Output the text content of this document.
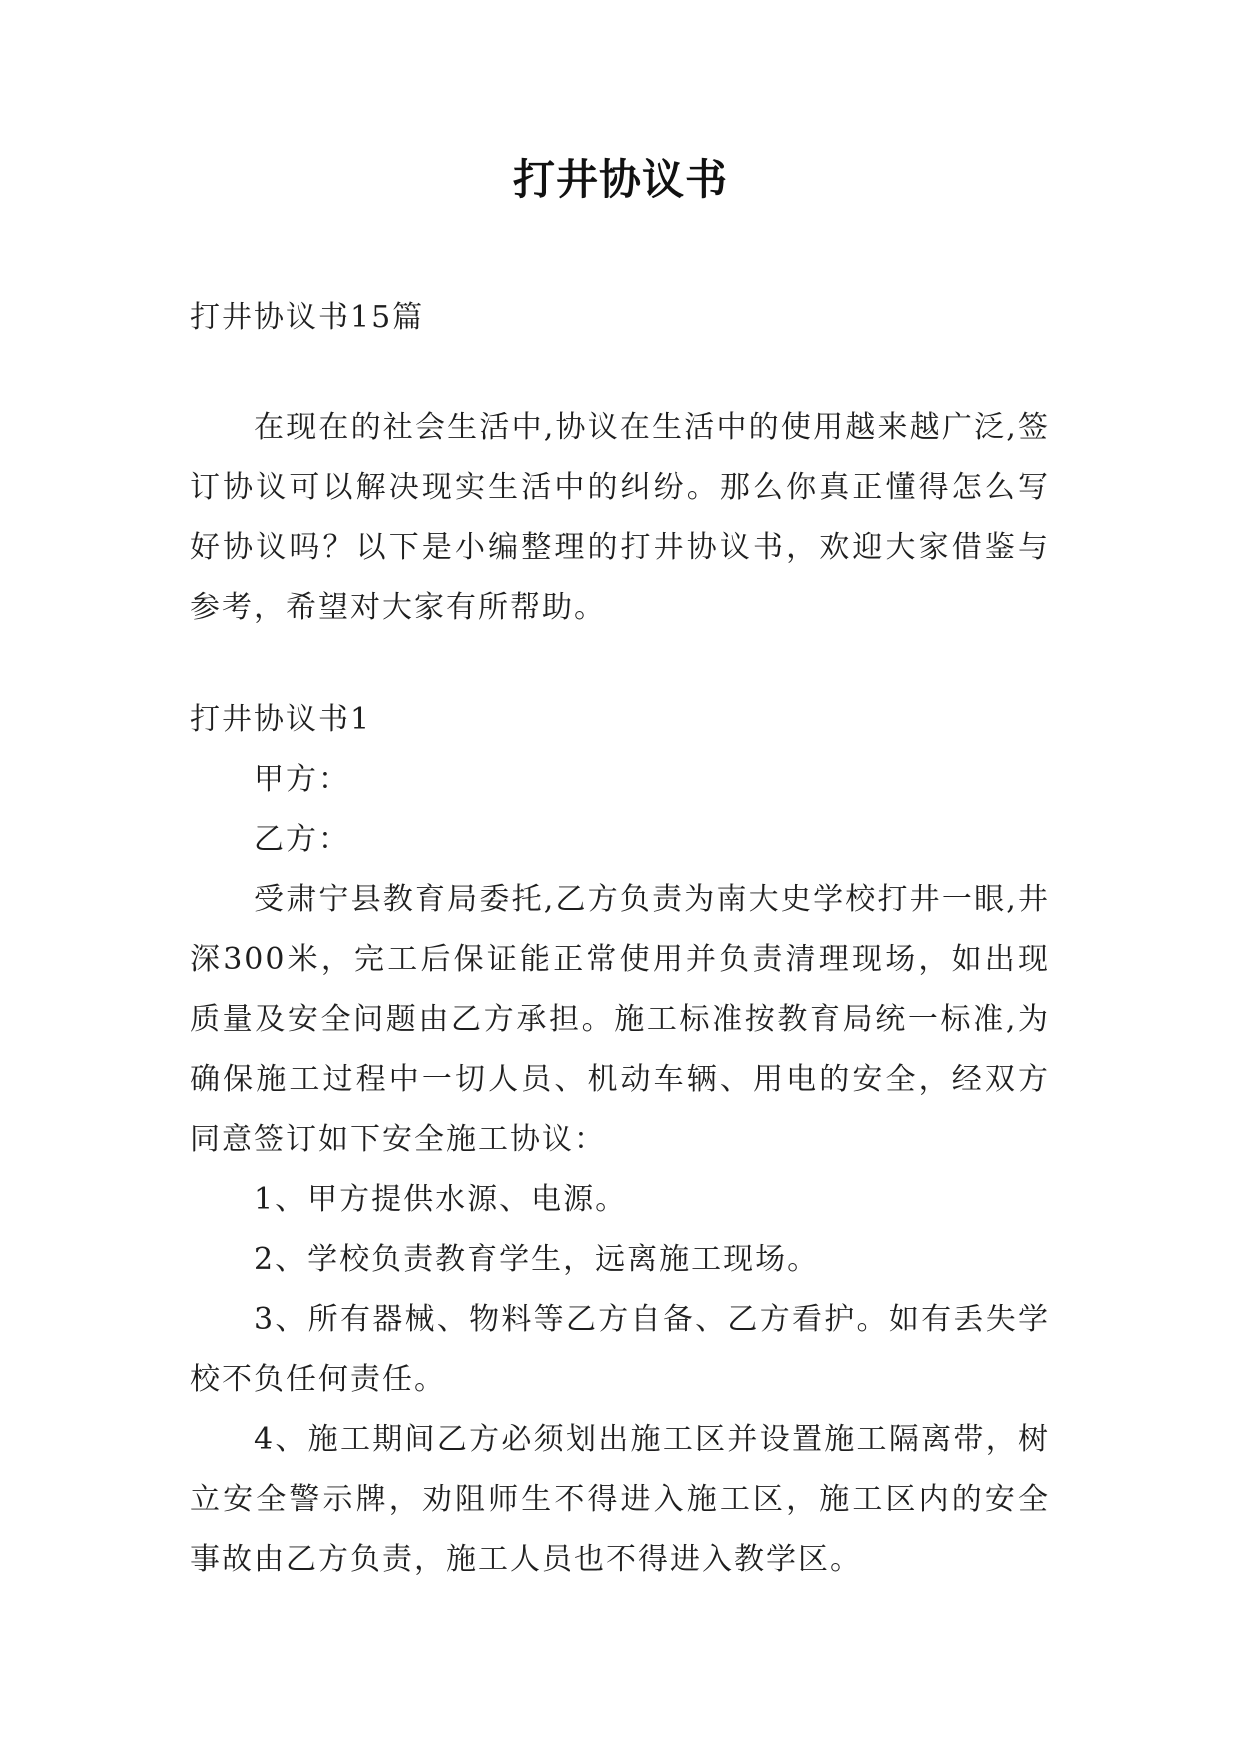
打井协议书

打井协议书15篇

在现在的社会生活中,协议在生活中的使用越来越广泛,签订协议可以解决现实生活中的纠纷。那么你真正懂得怎么写好协议吗？以下是小编整理的打井协议书，欢迎大家借鉴与参考，希望对大家有所帮助。

打井协议书1

甲方：

乙方：

受肃宁县教育局委托,乙方负责为南大史学校打井一眼,井深300米，完工后保证能正常使用并负责清理现场，如出现质量及安全问题由乙方承担。施工标准按教育局统一标准,为确保施工过程中一切人员、机动车辆、用电的安全，经双方同意签订如下安全施工协议：

1、甲方提供水源、电源。

2、学校负责教育学生，远离施工现场。

3、所有器械、物料等乙方自备、乙方看护。如有丢失学校不负任何责任。

4、施工期间乙方必须划出施工区并设置施工隔离带，树立安全警示牌，劝阻师生不得进入施工区，施工区内的安全事故由乙方负责，施工人员也不得进入教学区。
